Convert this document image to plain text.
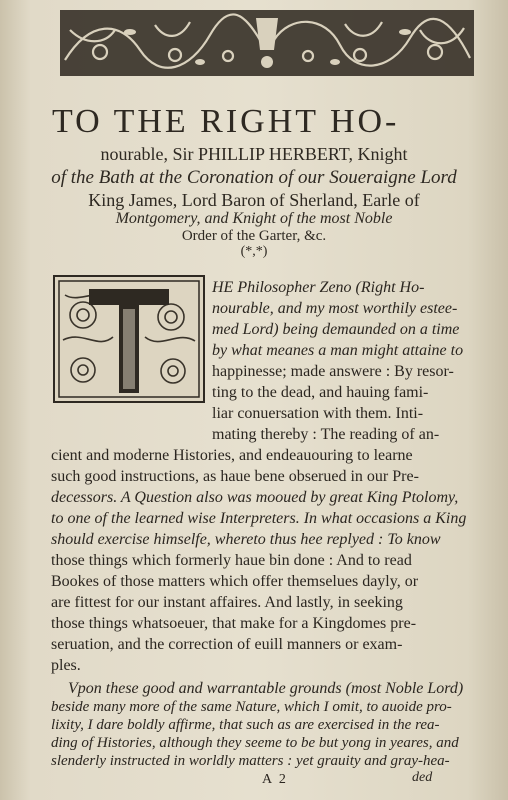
TO THE RIGHT HO-
nourable, Sir PHILLIP HERBERT, Knight
of the Bath at the Coronation of our Soueraigne Lord
King James, Lord Baron of Sherland, Earle of
Montgomery, and Knight of the most Noble
Order of the Garter, &c.
(*,*)
HE Philosopher Zeno (Right Ho-
nourable, and my most worthily estee-
med Lord) being demaunded on a time
by what meanes a man might attaine to
happinesse; made answere : By resor-
ting to the dead, and hauing fami-
liar conuersation with them. Inti-
mating thereby : The reading of an-
cient and moderne Histories, and endeauouring to learne
such good instructions, as haue bene obserued in our Pre-
decessors. A Question also was mooued by great King Ptolomy,
to one of the learned wise Interpreters. In what occasions a King
should exercise himselfe, whereto thus hee replyed : To know
those things which formerly haue bin done : And to read
Bookes of those matters which offer themselues dayly, or
are fittest for our instant affaires. And lastly, in seeking
those things whatsoeuer, that make for a Kingdomes pre-
seruation, and the correction of euill manners or exam-
ples.
Vpon these good and warrantable grounds (most Noble Lord)
beside many more of the same Nature, which I omit, to auoide pro-
lixity, I dare boldly affirme, that such as are exercised in the rea-
ding of Histories, although they seeme to be but yong in yeares, and
slenderly instructed in worldly matters : yet grauity and gray-hea-
A 2	ded
